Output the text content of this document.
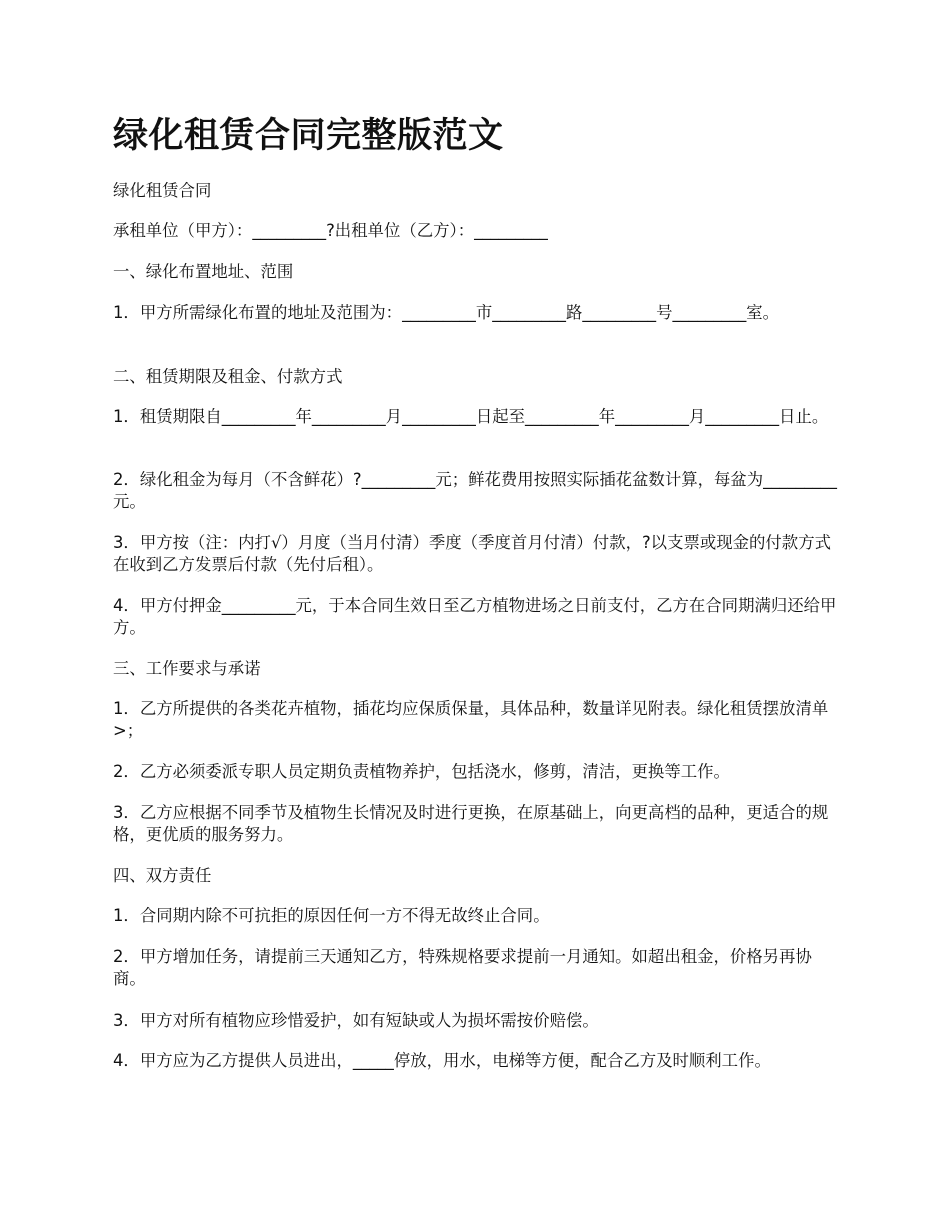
绿化租赁合同完整版范文

绿化租赁合同

承租单位（甲方）：_________?出租单位（乙方）：_________

一、绿化布置地址、范围

1．甲方所需绿化布置的地址及范围为：_________市_________路_________号_________室。

二、租赁期限及租金、付款方式

1．租赁期限自_________年_________月_________日起至_________年_________月_________日止。

2．绿化租金为每月（不含鲜花）?_________元；鲜花费用按照实际插花盆数计算，每盆为_________元。

3．甲方按（注：内打√）月度（当月付清）季度（季度首月付清）付款，?以支票或现金的付款方式在收到乙方发票后付款（先付后租）。

4．甲方付押金_________元，于本合同生效日至乙方植物进场之日前支付，乙方在合同期满归还给甲方。

三、工作要求与承诺

1．乙方所提供的各类花卉植物，插花均应保质保量，具体品种，数量详见附表。绿化租赁摆放清单>；

2．乙方必须委派专职人员定期负责植物养护，包括浇水，修剪，清洁，更换等工作。

3．乙方应根据不同季节及植物生长情况及时进行更换，在原基础上，向更高档的品种，更适合的规格，更优质的服务努力。

四、双方责任

1．合同期内除不可抗拒的原因任何一方不得无故终止合同。

2．甲方增加任务，请提前三天通知乙方，特殊规格要求提前一月通知。如超出租金，价格另再协商。

3．甲方对所有植物应珍惜爱护，如有短缺或人为损坏需按价赔偿。

4．甲方应为乙方提供人员进出，_____停放，用水，电梯等方便，配合乙方及时顺利工作。
